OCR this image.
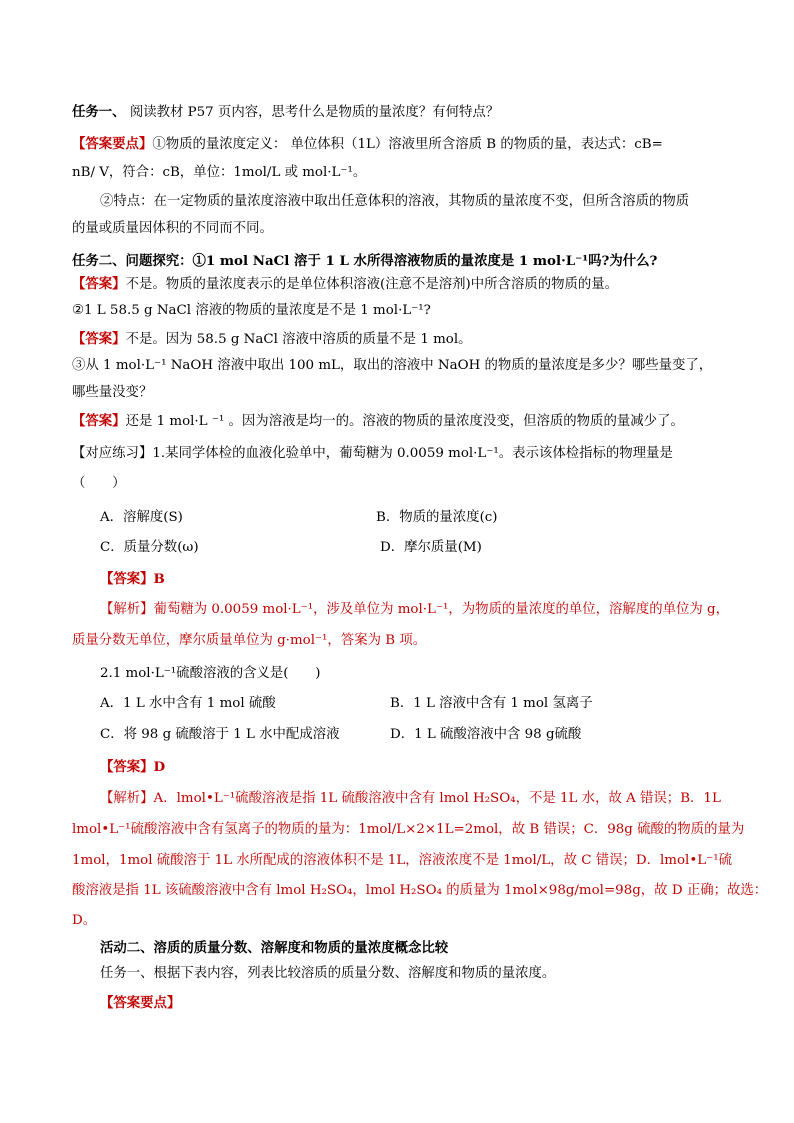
任务一、 阅读教材 P57 页内容，思考什么是物质的量浓度？有何特点？
【答案要点】①物质的量浓度定义： 单位体积（1L）溶液里所含溶质 B 的物质的量，表达式：cB=
nB/ V，符合：cB，单位：1mol/L 或 mol·L⁻¹。
②特点：在一定物质的量浓度溶液中取出任意体积的溶液，其物质的量浓度不变，但所含溶质的物质
的量或质量因体积的不同而不同。
任务二、问题探究：①1 mol NaCl 溶于 1 L 水所得溶液物质的量浓度是 1 mol·L⁻¹吗?为什么?
【答案】不是。物质的量浓度表示的是单位体积溶液(注意不是溶剂)中所含溶质的物质的量。
②1 L 58.5 g NaCl 溶液的物质的量浓度是不是 1 mol·L⁻¹?
【答案】不是。因为 58.5 g NaCl 溶液中溶质的质量不是 1 mol。
③从 1 mol·L⁻¹ NaOH 溶液中取出 100 mL，取出的溶液中 NaOH 的物质的量浓度是多少？哪些量变了，
哪些量没变？
【答案】还是 1 mol·L ⁻¹ 。因为溶液是均一的。溶液的物质的量浓度没变，但溶质的物质的量减少了。
【对应练习】1.某同学体检的血液化验单中，葡萄糖为 0.0059 mol·L⁻¹。表示该体检指标的物理量是
（　　）
A．溶解度(S)	B．物质的量浓度(c)
C．质量分数(ω)	D．摩尔质量(M)
【答案】B
【解析】葡萄糖为 0.0059 mol·L⁻¹，涉及单位为 mol·L⁻¹，为物质的量浓度的单位，溶解度的单位为 g，
质量分数无单位，摩尔质量单位为 g·mol⁻¹，答案为 B 项。
2.1 mol·L⁻¹硫酸溶液的含义是(　　)
A．1 L 水中含有 1 mol 硫酸	B．1 L 溶液中含有 1 mol 氢离子
C．将 98 g 硫酸溶于 1 L 水中配成溶液	D．1 L 硫酸溶液中含 98 g硫酸
【答案】D
【解析】A．lmol•L⁻¹硫酸溶液是指 1L 硫酸溶液中含有 lmol H₂SO₄，不是 1L 水，故 A 错误；B．1L
lmol•L⁻¹硫酸溶液中含有氢离子的物质的量为：1mol/L×2×1L=2mol，故 B 错误；C．98g 硫酸的物质的量为
1mol，1mol 硫酸溶于 1L 水所配成的溶液体积不是 1L，溶液浓度不是 1mol/L，故 C 错误；D．lmol•L⁻¹硫
酸溶液是指 1L 该硫酸溶液中含有 lmol H₂SO₄，lmol H₂SO₄ 的质量为 1mol×98g/mol=98g，故 D 正确；故选：
D。
活动二、溶质的质量分数、溶解度和物质的量浓度概念比较
任务一、根据下表内容，列表比较溶质的质量分数、溶解度和物质的量浓度。
【答案要点】
